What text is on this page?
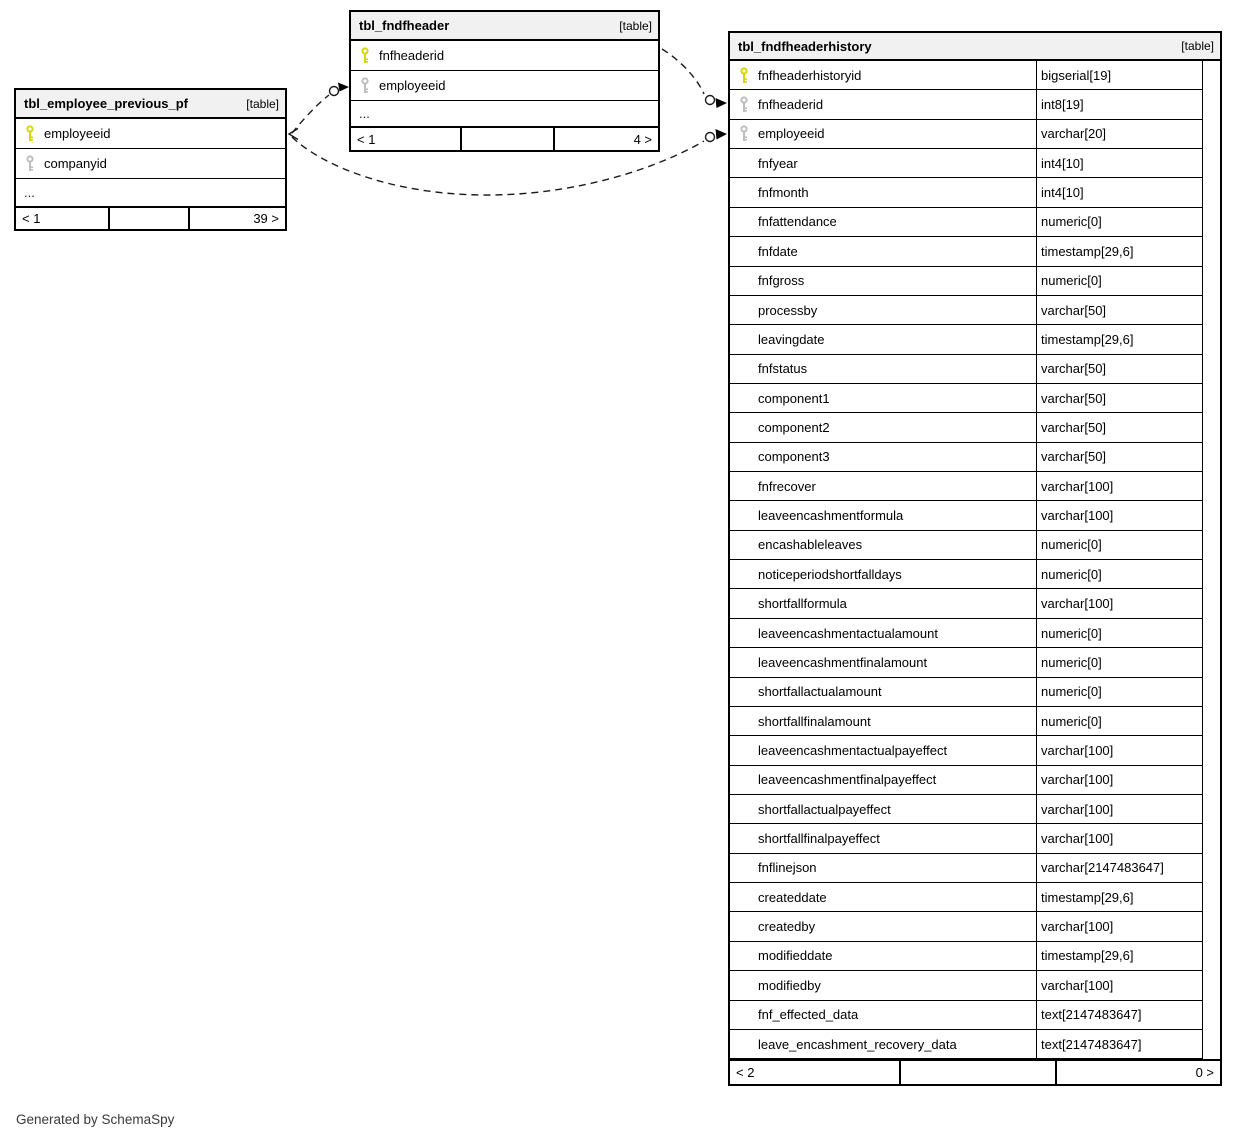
tbl_employee_previous_pf	[table]
employeeid
companyid
...
< 1	39 >
tbl_fndfheader	[table]
fnfheaderid
employeeid
...
< 1	4 >
tbl_fndfheaderhistory	[table]
fnfheaderhistoryid	bigserial[19]
fnfheaderid	int8[19]
employeeid	varchar[20]
fnfyear	int4[10]
fnfmonth	int4[10]
fnfattendance	numeric[0]
fnfdate	timestamp[29,6]
fnfgross	numeric[0]
processby	varchar[50]
leavingdate	timestamp[29,6]
fnfstatus	varchar[50]
component1	varchar[50]
component2	varchar[50]
component3	varchar[50]
fnfrecover	varchar[100]
leaveencashmentformula	varchar[100]
encashableleaves	numeric[0]
noticeperiodshortfalldays	numeric[0]
shortfallformula	varchar[100]
leaveencashmentactualamount	numeric[0]
leaveencashmentfinalamount	numeric[0]
shortfallactualamount	numeric[0]
shortfallfinalamount	numeric[0]
leaveencashmentactualpayeffect	varchar[100]
leaveencashmentfinalpayeffect	varchar[100]
shortfallactualpayeffect	varchar[100]
shortfallfinalpayeffect	varchar[100]
fnflinejson	varchar[2147483647]
createddate	timestamp[29,6]
createdby	varchar[100]
modifieddate	timestamp[29,6]
modifiedby	varchar[100]
fnf_effected_data	text[2147483647]
leave_encashment_recovery_data	text[2147483647]
< 2	0 >
Generated by SchemaSpy
